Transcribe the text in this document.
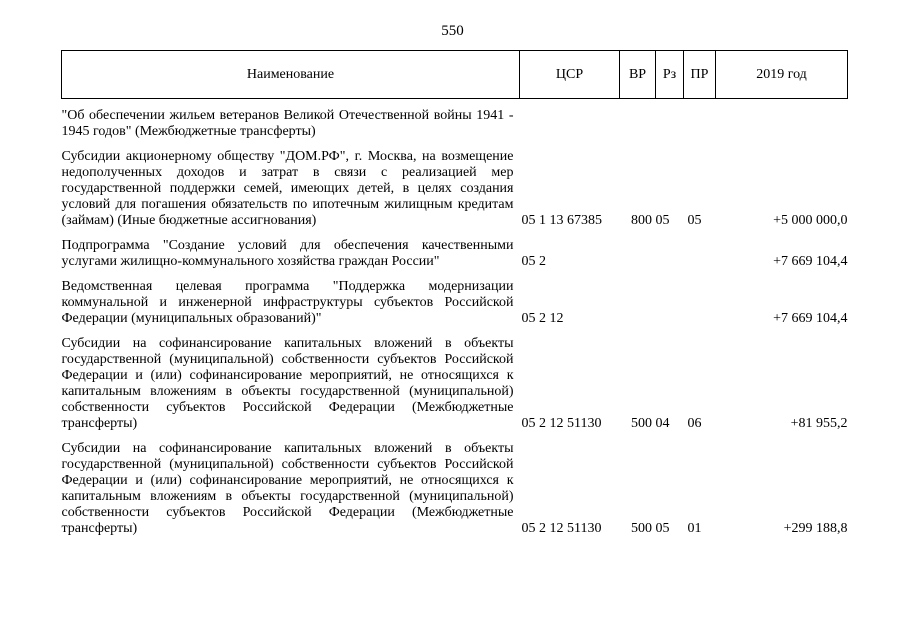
550
Наименование	ЦСР	ВР	Рз	ПР	2019 год
"Об обеспечении жильем ветеранов Великой Отечественной войны 1941 - 1945 годов" (Межбюджетные трансферты)					
Субсидии акционерному обществу "ДОМ.РФ", г. Москва, на возмещение недополученных доходов и затрат в связи с реализацией мер государственной поддержки семей, имеющих детей, в целях создания условий для погашения обязательств по ипотечным жилищным кредитам (займам) (Иные бюджетные ассигнования)	05 1 13 67385	800	05	05	+5 000 000,0
Подпрограмма "Создание условий для обеспечения качественными услугами жилищно-коммунального хозяйства граждан России"	05 2				+7 669 104,4
Ведомственная целевая программа "Поддержка модернизации коммунальной и инженерной инфраструктуры субъектов Российской Федерации (муниципальных образований)"	05 2 12				+7 669 104,4
Субсидии на софинансирование капитальных вложений в объекты государственной (муниципальной) собственности субъектов Российской Федерации и (или) софинансирование мероприятий, не относящихся к капитальным вложениям в объекты государственной (муниципальной) собственности субъектов Российской Федерации (Межбюджетные трансферты)	05 2 12 51130	500	04	06	+81 955,2
Субсидии на софинансирование капитальных вложений в объекты государственной (муниципальной) собственности субъектов Российской Федерации и (или) софинансирование мероприятий, не относящихся к капитальным вложениям в объекты государственной (муниципальной) собственности субъектов Российской Федерации (Межбюджетные трансферты)	05 2 12 51130	500	05	01	+299 188,8
